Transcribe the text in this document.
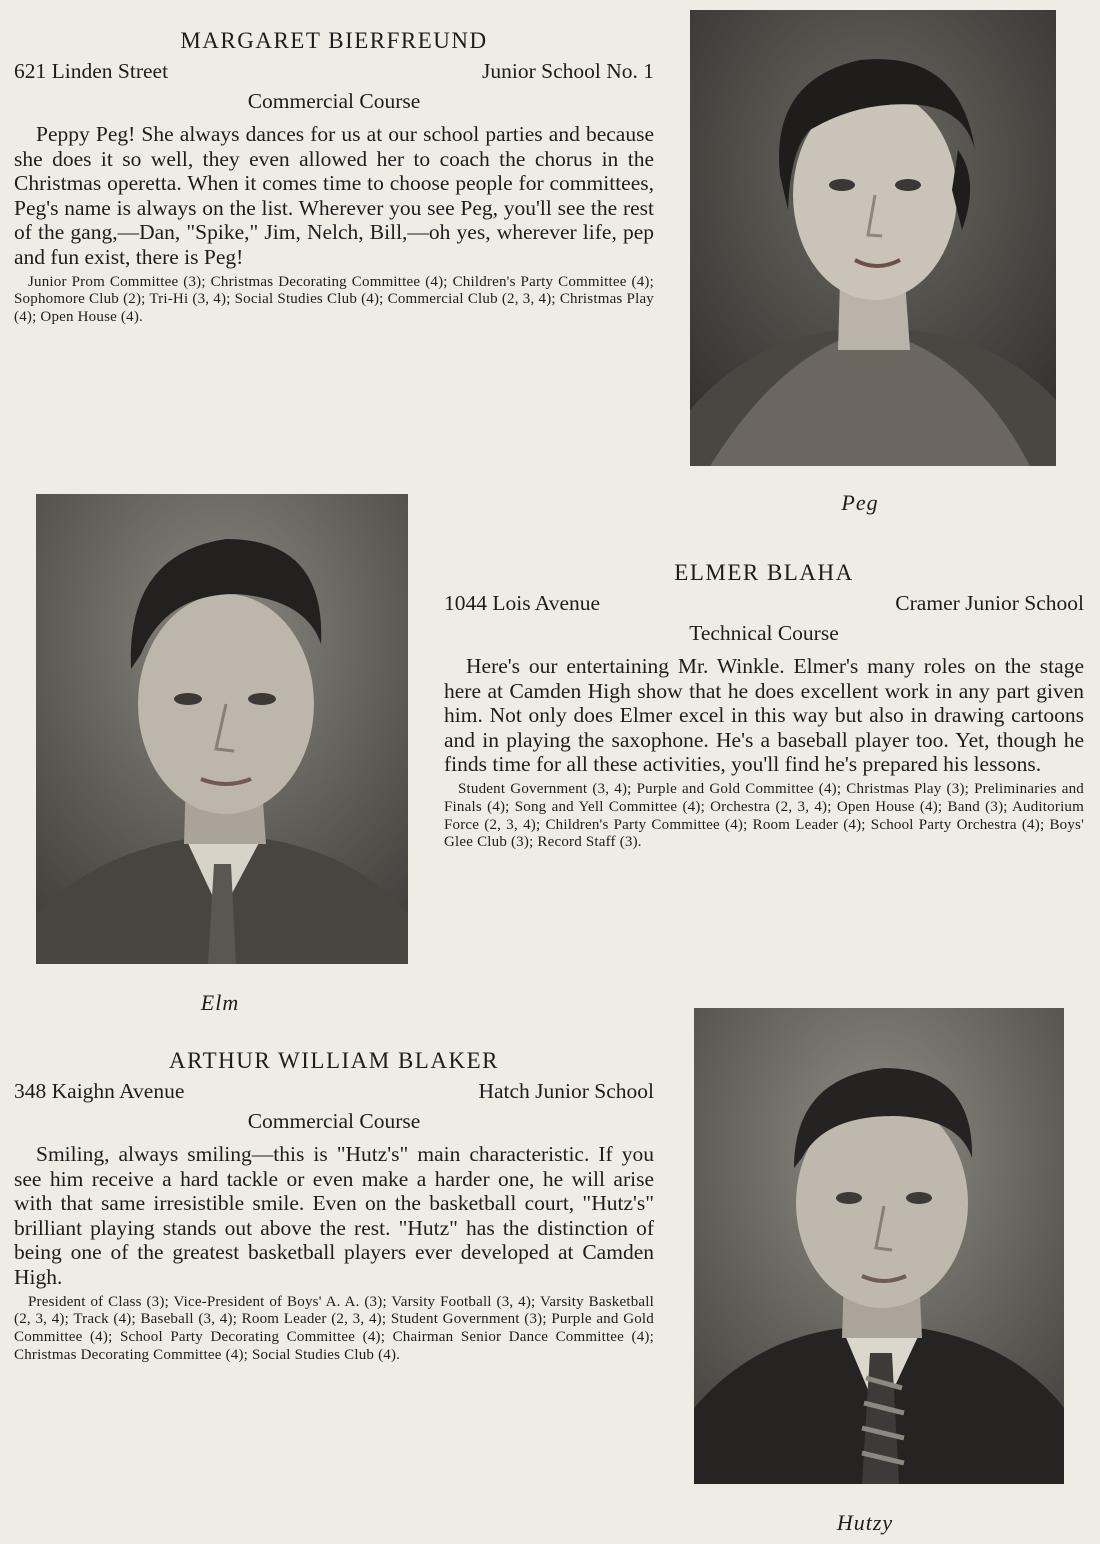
MARGARET BIERFREUND
621 Linden Street	Junior School No. 1
Commercial Course
Peppy Peg! She always dances for us at our school parties and because she does it so well, they even allowed her to coach the chorus in the Christmas operetta. When it comes time to choose people for committees, Peg's name is always on the list. Wherever you see Peg, you'll see the rest of the gang,—Dan, "Spike," Jim, Nelch, Bill,—oh yes, wherever life, pep and fun exist, there is Peg!
Junior Prom Committee (3); Christmas Decorating Committee (4); Children's Party Committee (4); Sophomore Club (2); Tri-Hi (3, 4); Social Studies Club (4); Commercial Club (2, 3, 4); Christmas Play (4); Open House (4).
Peg
Elm
ELMER BLAHA
1044 Lois Avenue	Cramer Junior School
Technical Course
Here's our entertaining Mr. Winkle. Elmer's many roles on the stage here at Camden High show that he does excellent work in any part given him. Not only does Elmer excel in this way but also in drawing cartoons and in playing the saxophone. He's a baseball player too. Yet, though he finds time for all these activities, you'll find he's prepared his lessons.
Student Government (3, 4); Purple and Gold Committee (4); Christmas Play (3); Preliminaries and Finals (4); Song and Yell Committee (4); Orchestra (2, 3, 4); Open House (4); Band (3); Auditorium Force (2, 3, 4); Children's Party Committee (4); Room Leader (4); School Party Orchestra (4); Boys' Glee Club (3); Record Staff (3).
ARTHUR WILLIAM BLAKER
348 Kaighn Avenue	Hatch Junior School
Commercial Course
Smiling, always smiling—this is "Hutz's" main characteristic. If you see him receive a hard tackle or even make a harder one, he will arise with that same irresistible smile. Even on the basketball court, "Hutz's" brilliant playing stands out above the rest. "Hutz" has the distinction of being one of the greatest basketball players ever developed at Camden High.
President of Class (3); Vice-President of Boys' A. A. (3); Varsity Football (3, 4); Varsity Basketball (2, 3, 4); Track (4); Baseball (3, 4); Room Leader (2, 3, 4); Student Government (3); Purple and Gold Committee (4); School Party Decorating Committee (4); Chairman Senior Dance Committee (4); Christmas Decorating Committee (4); Social Studies Club (4).
Hutzy
